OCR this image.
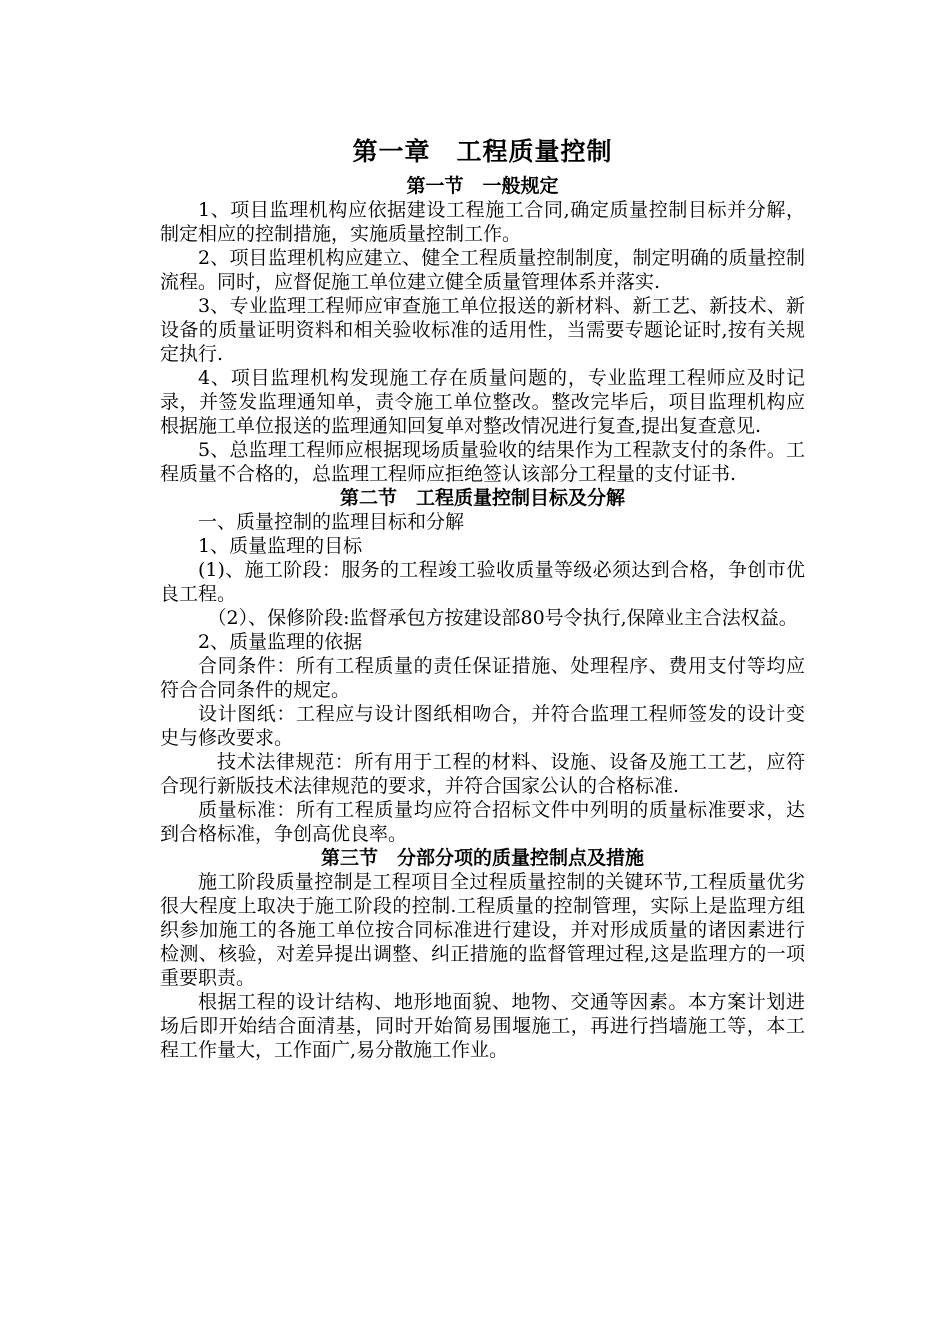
第一章　工程质量控制
第一节　一般规定

1、项目监理机构应依据建设工程施工合同,确定质量控制目标并分解，制定相应的控制措施，实施质量控制工作。

2、项目监理机构应建立、健全工程质量控制制度，制定明确的质量控制流程。同时，应督促施工单位建立健全质量管理体系并落实.

3、专业监理工程师应审查施工单位报送的新材料、新工艺、新技术、新设备的质量证明资料和相关验收标准的适用性，当需要专题论证时,按有关规定执行.

4、项目监理机构发现施工存在质量问题的，专业监理工程师应及时记录，并签发监理通知单，责令施工单位整改。整改完毕后，项目监理机构应根据施工单位报送的监理通知回复单对整改情况进行复查,提出复查意见.

5、总监理工程师应根据现场质量验收的结果作为工程款支付的条件。工程质量不合格的，总监理工程师应拒绝签认该部分工程量的支付证书.

第二节　工程质量控制目标及分解

一、质量控制的监理目标和分解

1、质量监理的目标

(1)、施工阶段：服务的工程竣工验收质量等级必须达到合格，争创市优良工程。

（2）、保修阶段:监督承包方按建设部80号令执行,保障业主合法权益。

2、质量监理的依据

合同条件：所有工程质量的责任保证措施、处理程序、费用支付等均应符合合同条件的规定。

设计图纸：工程应与设计图纸相吻合，并符合监理工程师签发的设计变史与修改要求。

技术法律规范：所有用于工程的材料、设施、设备及施工工艺，应符合现行新版技术法律规范的要求，并符合国家公认的合格标准.

质量标准：所有工程质量均应符合招标文件中列明的质量标准要求，达到合格标准，争创高优良率。

第三节　分部分项的质量控制点及措施

施工阶段质量控制是工程项目全过程质量控制的关键环节,工程质量优劣很大程度上取决于施工阶段的控制.工程质量的控制管理，实际上是监理方组织参加施工的各施工单位按合同标准进行建设，并对形成质量的诸因素进行检测、核验，对差异提出调整、纠正措施的监督管理过程,这是监理方的一项重要职责。

根据工程的设计结构、地形地面貌、地物、交通等因素。本方案计划进场后即开始结合面清基，同时开始简易围堰施工，再进行挡墙施工等，本工程工作量大，工作面广,易分散施工作业。
